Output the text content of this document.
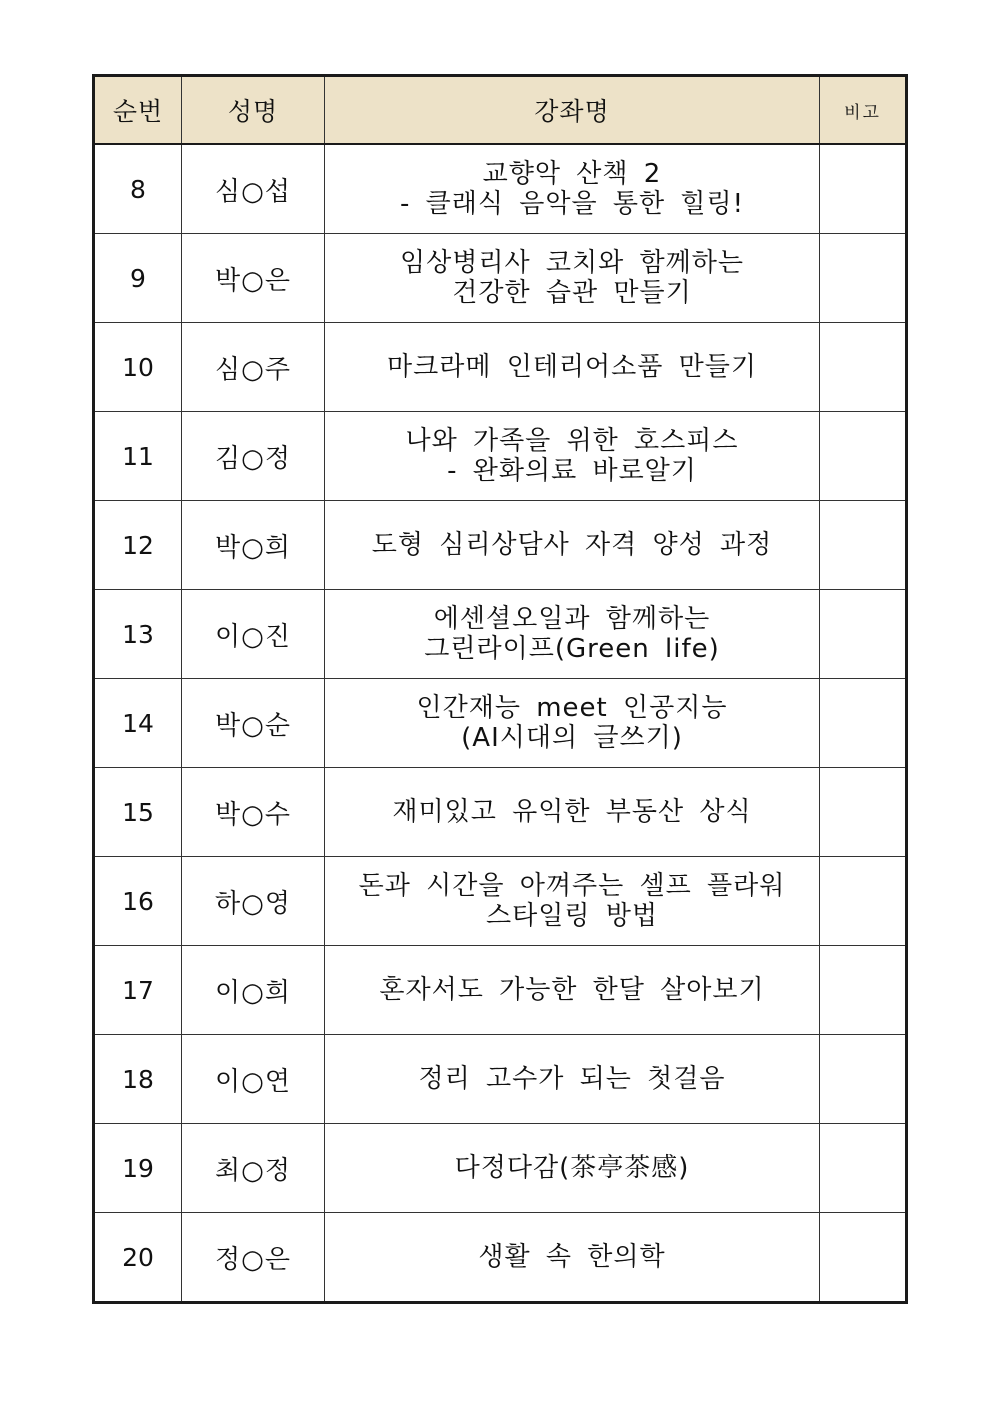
순번	성명	강좌명	비고
8	심○섭	교향악 산책 2
- 클래식 음악을 통한 힐링!	

9	박○은	임상병리사 코치와 함께하는
건강한 습관 만들기	

10	심○주	마크라메 인테리어소품 만들기	

11	김○정	나와 가족을 위한 호스피스
- 완화의료 바로알기	

12	박○희	도형 심리상담사 자격 양성 과정	

13	이○진	에센셜오일과 함께하는
그린라이프(Green life)	

14	박○순	인간재능 meet 인공지능
(AI시대의 글쓰기)	

15	박○수	재미있고 유익한 부동산 상식	

16	하○영	돈과 시간을 아껴주는 셀프 플라워
스타일링 방법	

17	이○희	혼자서도 가능한 한달 살아보기	

18	이○연	정리 고수가 되는 첫걸음	

19	최○정	다정다감(茶亭茶感)	

20	정○은	생활 속 한의학	
